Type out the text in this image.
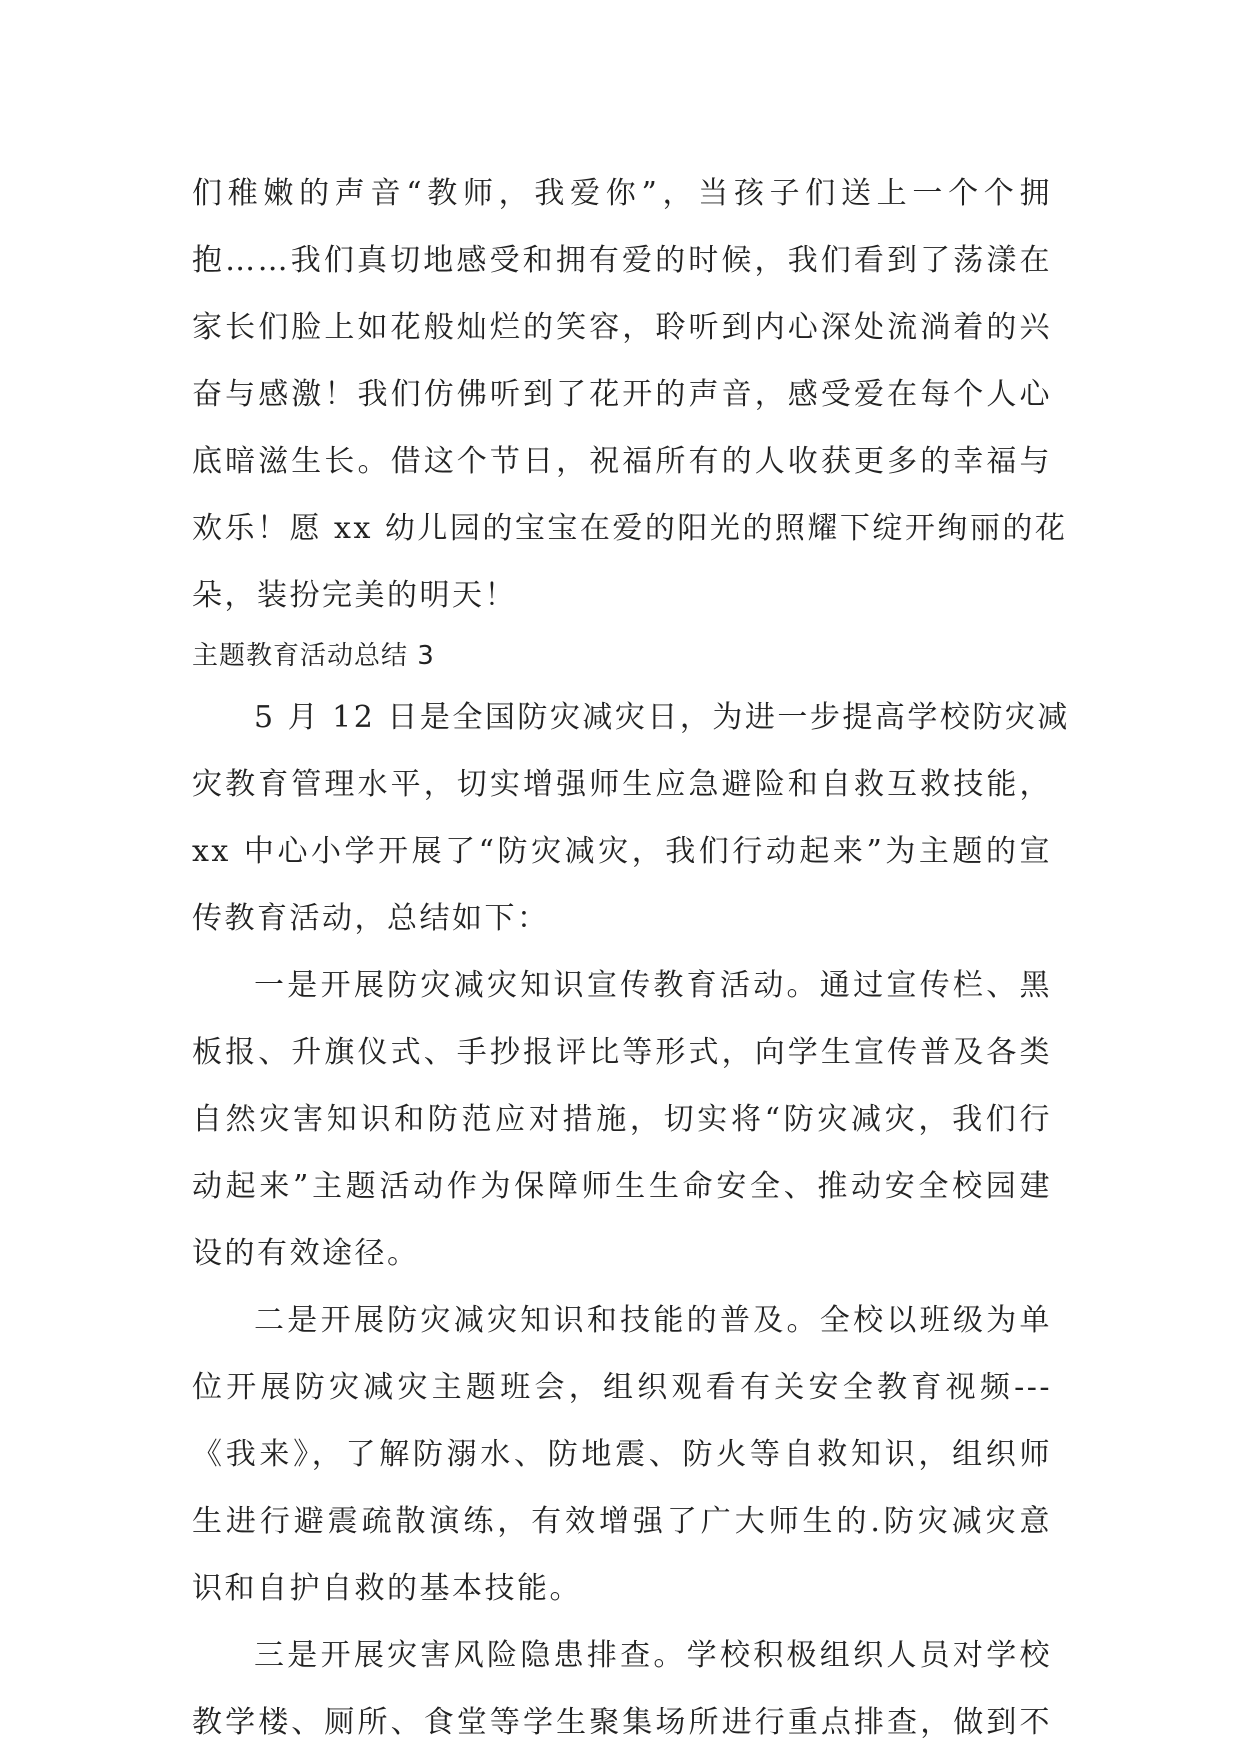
们稚嫩的声音“教师，我爱你”，当孩子们送上一个个拥
抱……我们真切地感受和拥有爱的时候，我们看到了荡漾在
家长们脸上如花般灿烂的笑容，聆听到内心深处流淌着的兴
奋与感激！我们仿佛听到了花开的声音，感受爱在每个人心
底暗滋生长。借这个节日，祝福所有的人收获更多的幸福与
欢乐！愿 xx 幼儿园的宝宝在爱的阳光的照耀下绽开绚丽的花
朵，装扮完美的明天！
主题教育活动总结 3
5 月 12 日是全国防灾减灾日，为进一步提高学校防灾减
灾教育管理水平，切实增强师生应急避险和自救互救技能，
xx 中心小学开展了“防灾减灾，我们行动起来”为主题的宣
传教育活动，总结如下：
一是开展防灾减灾知识宣传教育活动。通过宣传栏、黑
板报、升旗仪式、手抄报评比等形式，向学生宣传普及各类
自然灾害知识和防范应对措施，切实将“防灾减灾，我们行
动起来”主题活动作为保障师生生命安全、推动安全校园建
设的有效途径。
二是开展防灾减灾知识和技能的普及。全校以班级为单
位开展防灾减灾主题班会，组织观看有关安全教育视频---
《我来》，了解防溺水、防地震、防火等自救知识，组织师
生进行避震疏散演练，有效增强了广大师生的.防灾减灾意
识和自护自救的基本技能。
三是开展灾害风险隐患排查。学校积极组织人员对学校
教学楼、厕所、食堂等学生聚集场所进行重点排查，做到不
